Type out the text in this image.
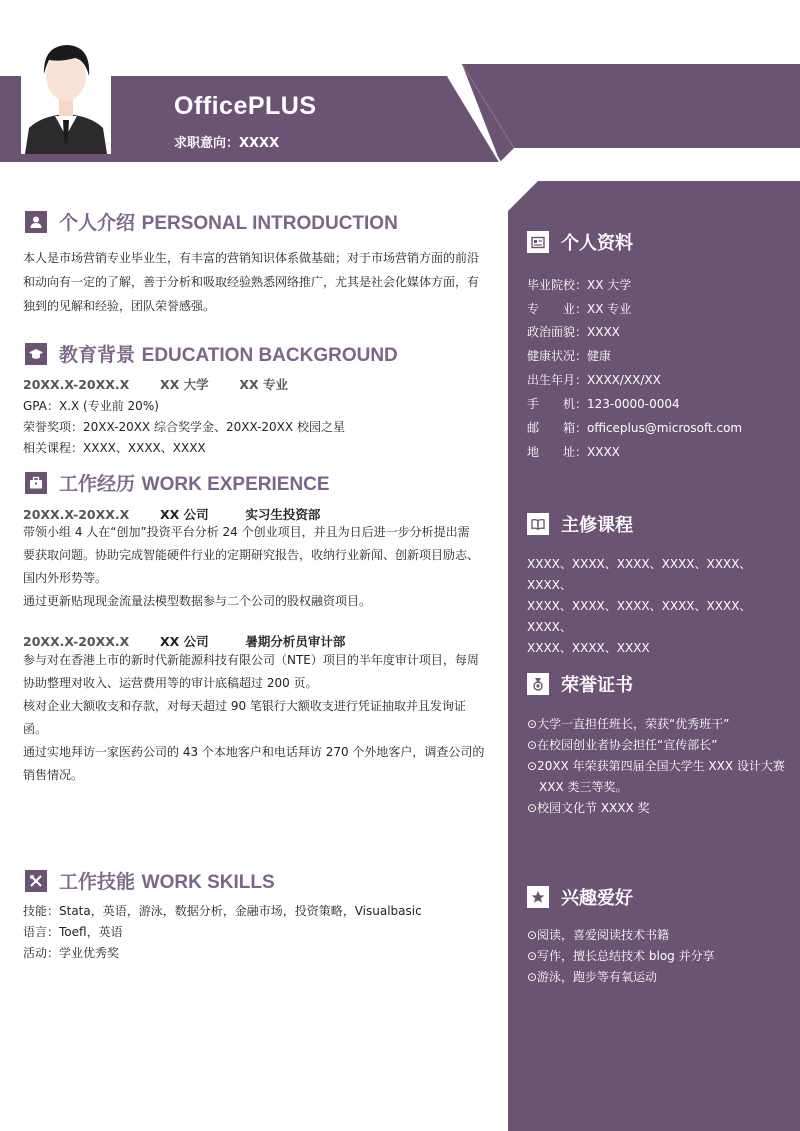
OfficePLUS
求职意向：XXXX
个人介绍 PERSONAL INTRODUCTION
本人是市场营销专业毕业生，有丰富的营销知识体系做基础；对于市场营销方面的前沿
和动向有一定的了解，善于分析和吸取经验熟悉网络推广，尤其是社会化媒体方面，有
独到的见解和经验，团队荣誉感强。
教育背景 EDUCATION BACKGROUND
20XX.X-20XX.X XX 大学 XX 专业
GPA：X.X (专业前 20%)
荣誉奖项：20XX-20XX 综合奖学金、20XX-20XX 校园之星
相关课程：XXXX、XXXX、XXXX
工作经历 WORK EXPERIENCE
20XX.X-20XX.X XX 公司	实习生投资部
带领小组 4 人在“创加”投资平台分析 24 个创业项目，并且为日后进一步分析提出需
要获取问题。协助完成智能硬件行业的定期研究报告，收纳行业新闻、创新项目励志、
国内外形势等。
通过更新贴现现金流量法模型数据参与二个公司的股权融资项目。
20XX.X-20XX.X XX 公司	暑期分析员审计部
参与对在香港上市的新时代新能源科技有限公司（NTE）项目的半年度审计项目，每周
协助整理对收入、运营费用等的审计底稿超过 200 页。
核对企业大额收支和存款，对每天超过 90 笔银行大额收支进行凭证抽取并且发询证函。
通过实地拜访一家医药公司的 43 个本地客户和电话拜访 270 个外地客户，调查公司的
销售情况。
工作技能 WORK SKILLS
技能：Stata，英语，游泳，数据分析，金融市场，投资策略，Visualbasic
语言：Toefl，英语
活动：学业优秀奖
个人资料
毕业院校：XX 大学
专　　业：XX 专业
政治面貌：XXXX
健康状况：健康
出生年月：XXXX/XX/XX
手　　机：123-0000-0004
邮　　箱：officeplus@microsoft.com
地　　址：XXXX
主修课程
XXXX、XXXX、XXXX、XXXX、XXXX、XXXX、
XXXX、XXXX、XXXX、XXXX、XXXX、XXXX、
XXXX、XXXX、XXXX
荣誉证书
⊙大学一直担任班长，荣获“优秀班干”
⊙在校园创业者协会担任“宣传部长”
⊙20XX 年荣获第四届全国大学生 XXX 设计大赛 XXX 类三等奖。
⊙校园文化节 XXXX 奖
兴趣爱好
⊙阅读，喜爱阅读技术书籍
⊙写作，擅长总结技术 blog 并分享
⊙游泳，跑步等有氧运动
